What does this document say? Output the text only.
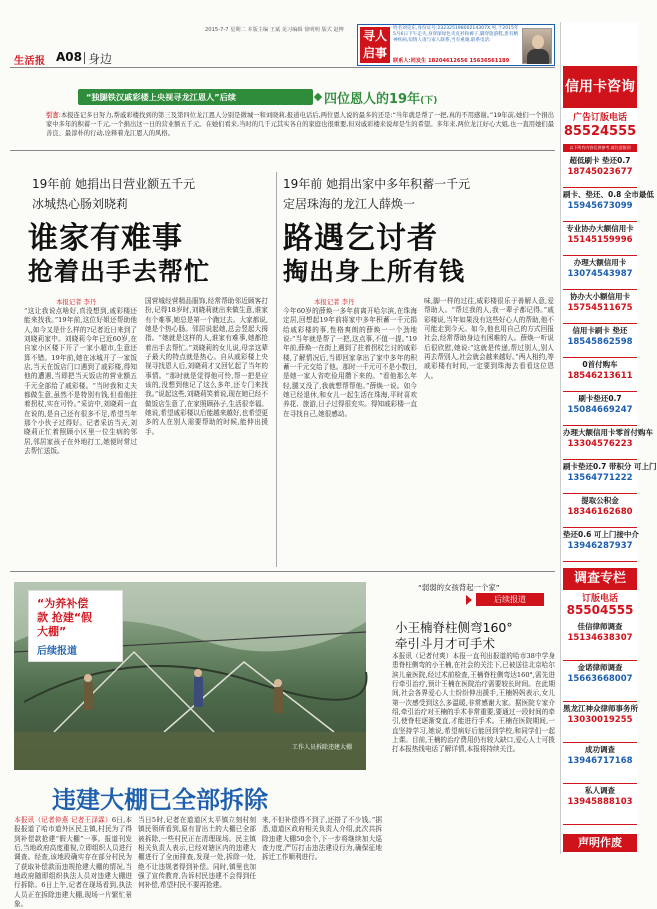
2015-7-7 星期二 本版主编 王斌 见习编辑 徐明明 版式 赵博
生活报 A08 身边
寻人启事
姓名刘克东,身份证号:23232519800214307X,男,于2015年5月6日下午走失,身穿深绿色夹克衫和裤子,脚穿旅游鞋,患有精神疾病,知情人请与家人联系,当有重谢,联系电话:
联系人:同发生 18204612656 15636561189
“独腿铁汉戚彩楼上央视寻龙江恩人”后续	四位恩人的19年(下)
引言:本报连记多日努力,帮戚彩楼找到的第三及第四位龙江恩人分别是微城一和刘晓莉,报道电话后,两位恩人说的最多的还是:“当年就是帮了一把,真的不用感谢。”19年前,她们一个捐出家中多年的积蓄一千元,一个捐出这一日的营业额五千元。在她们看来,当时的几千元其实各自的家庭也很重要,但对戚彩楼来说却是生的希望。多年来,两位龙江好心大姐,也一直用她们最善良、最淳朴的行动,诠释着龙江恩人的风格。
19年前 她捐出日营业额五千元
冰城热心肠刘晓莉
谁家有难事
抢着出手去帮忙
本报记者 李丹
“这让我说点啥好,真没想到,戚彩楼还能来找我。”19年前,这位好姐还帮助他人,如今又是什么样的?记者近日来到了刘晓莉家中。刘晓莉今年已近60岁,在自家小区楼下开了一家小超市,生意还算不错。19年前,她在冰城开了一家饭店,当天在饭店门口遇到了戚彩楼,得知他的遭遇,当即把当天饭店的营业额五千元全部给了戚彩楼。“当时我和丈夫都做生意,虽然不是特别有钱,但看他拄着拐杖,实在可怜。”采访中,刘晓莉一直在说的,是自己还有很多不足,希望当年那个小伙子过得好。记者采访当天,刘晓莉正忙着照顾小区里一位生病的邻居,邻居家孩子在外地打工,她便时常过去帮忙送饭。
国营城经营精品服饰,经常帮助邻近顾客打扮,记得18岁时,刘晓莉就出来做生意,谁家有个难事,她总是第一个跑过去。大家都说,她是个热心肠。邻居说起她,总会竖起大拇指。“她就是这样的人,谁家有难事,她都抢着出手去帮忙。”刘晓莉的女儿说,母亲这辈子最大的特点就是热心。自从戚彩楼上央视寻找恩人后,刘晓莉才又回忆起了当年的事情。“那时就是觉得他可怜,帮一把是应该的,没想到他记了这么多年,还专门来找我。”说起这些,刘晓莉笑着说,现在她已经不做饭店生意了,在家照顾孙子,生活很幸福。她说,希望戚彩楼以后能越来越好,也希望更多的人在别人需要帮助的时候,能伸出援手。
19年前 她捐出家中多年积蓄一千元
定居珠海的龙江人薛焕一
路遇乞讨者
掏出身上所有钱
本报记者 李丹
今年60岁的薛焕一多年前离开哈尔滨,在珠海定居,回想起19年前将家中多年积蓄一千元捐给戚彩楼的事,性格爽朗的薛焕一一个劲地说:“当年就是帮了一把,这点事,不值一提。”19年前,薛焕一在街上遇到了拄着拐杖乞讨的戚彩楼,了解情况后,当即回家拿出了家中多年的积蓄一千元交给了他。那时一千元可不是小数目,是她一家人省吃俭用攒下来的。“看他那么年轻,腿又没了,我就想帮帮他。”薛焕一说。如今她已经退休,和女儿一起生活在珠海,平时喜欢养花、旅游,日子过得很充实。得知戚彩楼一直在寻找自己,她很感动。
味,脚一样的过往,威彩楼很乐于善解人意,爱帮助人。“帮过我的人,我一辈子都记得。”戚彩楼说,当年如果没有这些好心人的帮助,他不可能走到今天。如今,他也用自己的方式回报社会,经常帮助身边有困难的人。薛焕一听说后很欣慰,她说:“这就是传递,帮过别人,别人再去帮别人,社会就会越来越好。”两人相约,等戚彩楼有时间,一定要到珠海去看看这位恩人。
工作人员拆除违建大棚
“为养补偿
款 抢建“假
大棚”
后续报道
违建大棚已全部拆除
本报讯（记者仲燕 记者王泽霖）6日,本报报道了哈市道外区民主镇,村民为了得到补偿款抢建“假大棚”一事。报道刊发后,当地政府高度重视,立即组织人员进行调查。经查,该地段确实存在部分村民为了获取补偿款而违规抢建大棚的情况,当地政府随即组织执法人员对违建大棚进行拆除。6日上午,记者在现场看到,执法人员正在拆除违建大棚,现场一片繁忙景象。
当日5时,记者在道道区太平镇立刻村刻镇民领所看到,原有冒出土的大棚已全部被拆除,一些村民正在清理现场。民主镇相关负责人表示,已经对辖区内的违建大棚进行了全面排查,发现一处,拆除一处,绝不让违规者得到补偿。同时,镇里也加强了宣传教育,告诉村民违建不会得到任何补偿,希望村民不要再抢建。
来,不但补偿得不到了,还搭了不少钱。”据悉,道道区政府相关负责人介绍,此次共拆除违建大棚50余个,下一步将继续加大巡查力度,严厉打击违法建设行为,确保征地拆迁工作顺利进行。
“弱弱的女孩背起一个家”
后续报道
小王楠脊柱侧弯160°
牵引斗月才可手术
本报讯（记者付爽）本报一直刊出报道的哈市38中学身患脊柱侧弯的小王楠,在社会的关注下,已被送往北京哈尔滨儿童医院,经过术前检查,王楠脊柱侧弯达160°,需先进行牵引治疗,预计王楠在医院治疗需要较长时间。在此期间,社会各界爱心人士纷纷伸出援手,王楠妈妈表示,女儿第一次感受到这么多温暖,非常感谢大家。据医院专家介绍,牵引治疗对王楠的手术非常重要,要通过一段时间的牵引,使脊柱逐渐变直,才能进行手术。王楠在医院期间,一直坚持学习,她说,希望病好后能回到学校,和同学们一起上课。目前,王楠的治疗费用仍有较大缺口,爱心人士可拨打本报热线电话了解详情,本报将持续关注。
信用卡咨询
广告订版电话
85524555
以下所有内容仅供参考,请注意甄别
超低刷卡 垫还0.7
18745023677
刷卡、垫还、0.8 全市最低
15945673099
专业协办大额信用卡
15145159996
办理大额信用卡
13074543987
协办大小额信用卡
15754511675
信用卡刷卡 垫还
18545862598
0首付购车
18546213611
刷卡垫还0.7
15084669247
办理大额信用卡零首付购车
13304576223
刷卡垫还0.7 带积分 可上门
13564771222
提取公积金
18346162680
垫还0.6 可上门接中介
13946287937
调查专栏
订版电话
85504555
佳信律师调查
15134638307
金诺律师调查
15663668007
黑龙江神众律师事务所
13030019255
成功调查
13946717168
私人调查
13945888103
声明作废
